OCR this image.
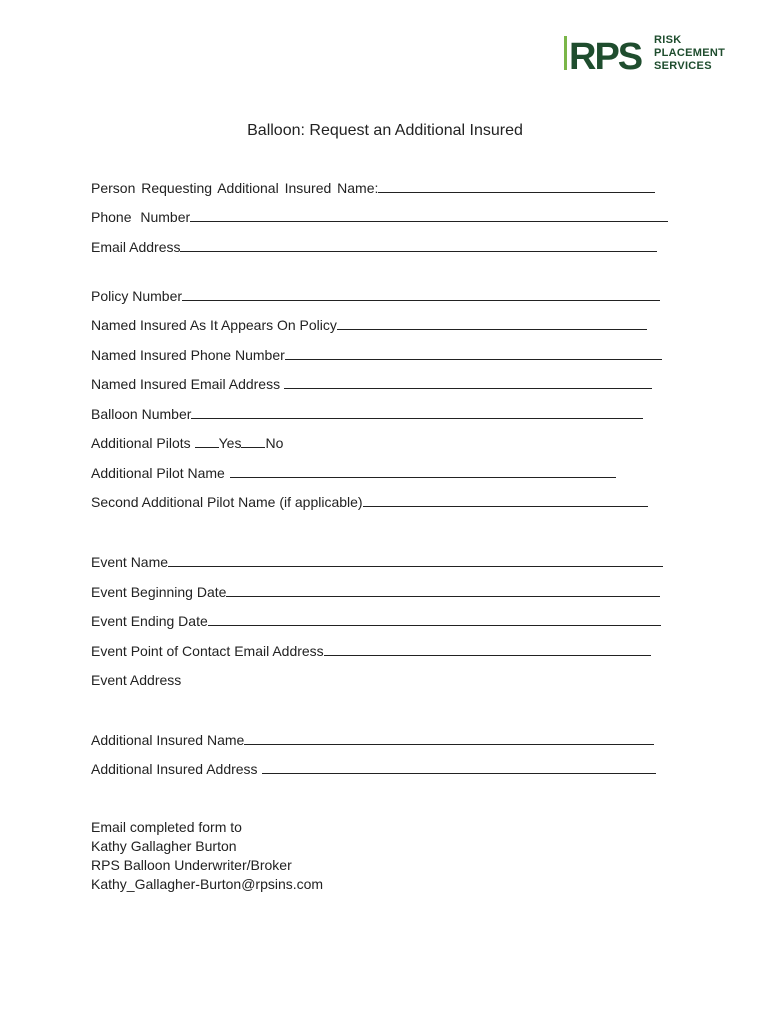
RPS RISK
PLACEMENT
SERVICES
Balloon: Request an Additional Insured
Person Requesting Additional Insured Name:
Phone Number
Email Address
Policy Number
Named Insured As It Appears On Policy
Named Insured Phone Number
Named Insured Email Address
Balloon Number
Additional Pilots Yes No
Additional Pilot Name
Second Additional Pilot Name (if applicable)
Event Name
Event Beginning Date
Event Ending Date
Event Point of Contact Email Address
Event Address
Additional Insured Name
Additional Insured Address
Email completed form to
Kathy Gallagher Burton
RPS Balloon Underwriter/Broker
Kathy_Gallagher-Burton@rpsins.com
